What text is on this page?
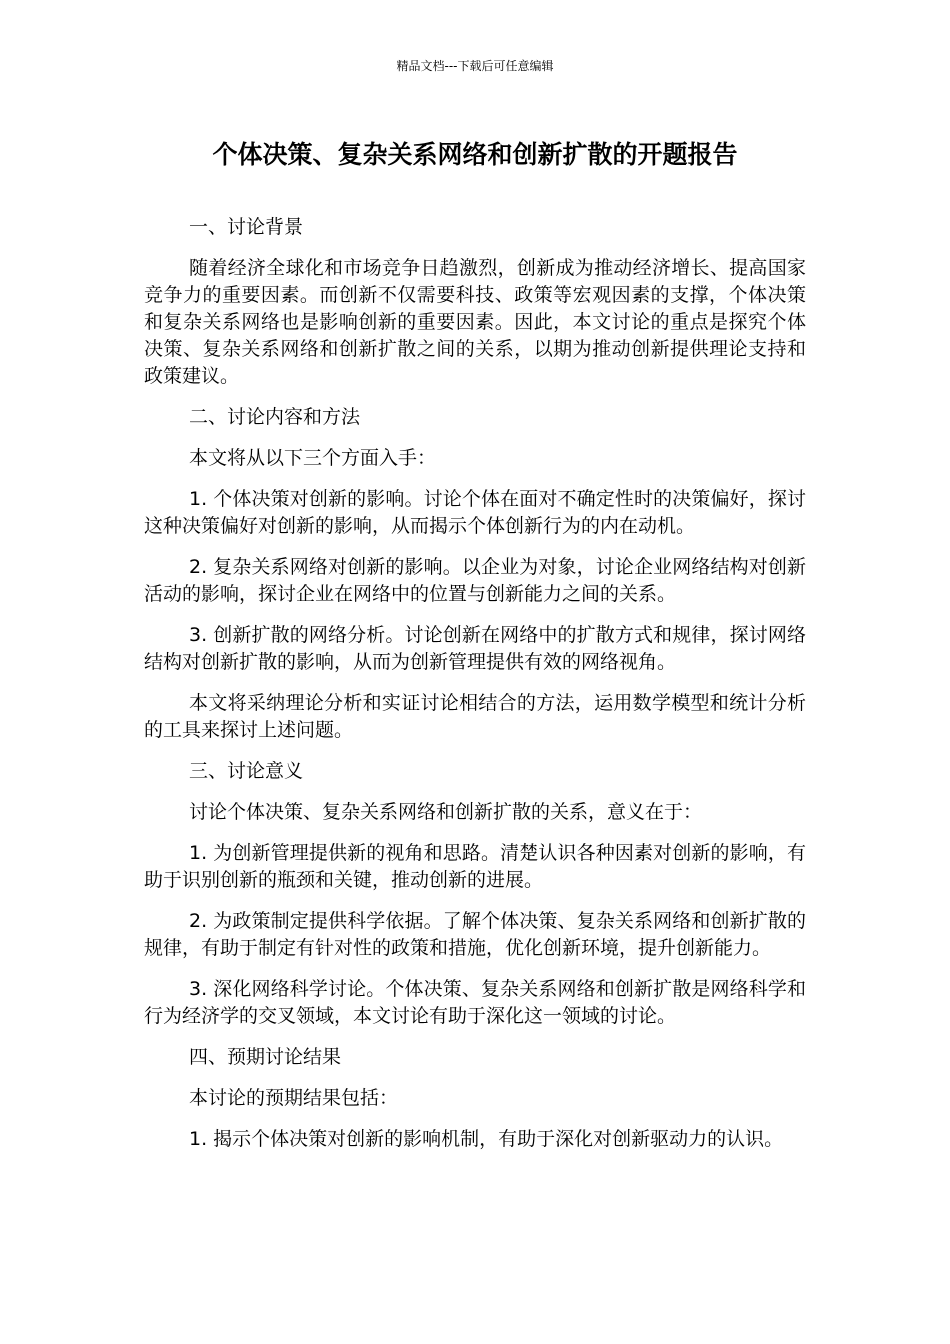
精品文档---下载后可任意编辑
个体决策、复杂关系网络和创新扩散的开题报告

一、讨论背景

随着经济全球化和市场竞争日趋激烈，创新成为推动经济增长、提高国家竞争力的重要因素。而创新不仅需要科技、政策等宏观因素的支撑，个体决策和复杂关系网络也是影响创新的重要因素。因此，本文讨论的重点是探究个体决策、复杂关系网络和创新扩散之间的关系，以期为推动创新提供理论支持和政策建议。

二、讨论内容和方法

本文将从以下三个方面入手：

1. 个体决策对创新的影响。讨论个体在面对不确定性时的决策偏好，探讨这种决策偏好对创新的影响，从而揭示个体创新行为的内在动机。

2. 复杂关系网络对创新的影响。以企业为对象，讨论企业网络结构对创新活动的影响，探讨企业在网络中的位置与创新能力之间的关系。

3. 创新扩散的网络分析。讨论创新在网络中的扩散方式和规律，探讨网络结构对创新扩散的影响，从而为创新管理提供有效的网络视角。

本文将采纳理论分析和实证讨论相结合的方法，运用数学模型和统计分析的工具来探讨上述问题。

三、讨论意义

讨论个体决策、复杂关系网络和创新扩散的关系，意义在于：

1. 为创新管理提供新的视角和思路。清楚认识各种因素对创新的影响，有助于识别创新的瓶颈和关键，推动创新的进展。

2. 为政策制定提供科学依据。了解个体决策、复杂关系网络和创新扩散的规律，有助于制定有针对性的政策和措施，优化创新环境，提升创新能力。

3. 深化网络科学讨论。个体决策、复杂关系网络和创新扩散是网络科学和行为经济学的交叉领域，本文讨论有助于深化这一领域的讨论。

四、预期讨论结果

本讨论的预期结果包括：

1. 揭示个体决策对创新的影响机制，有助于深化对创新驱动力的认识。
